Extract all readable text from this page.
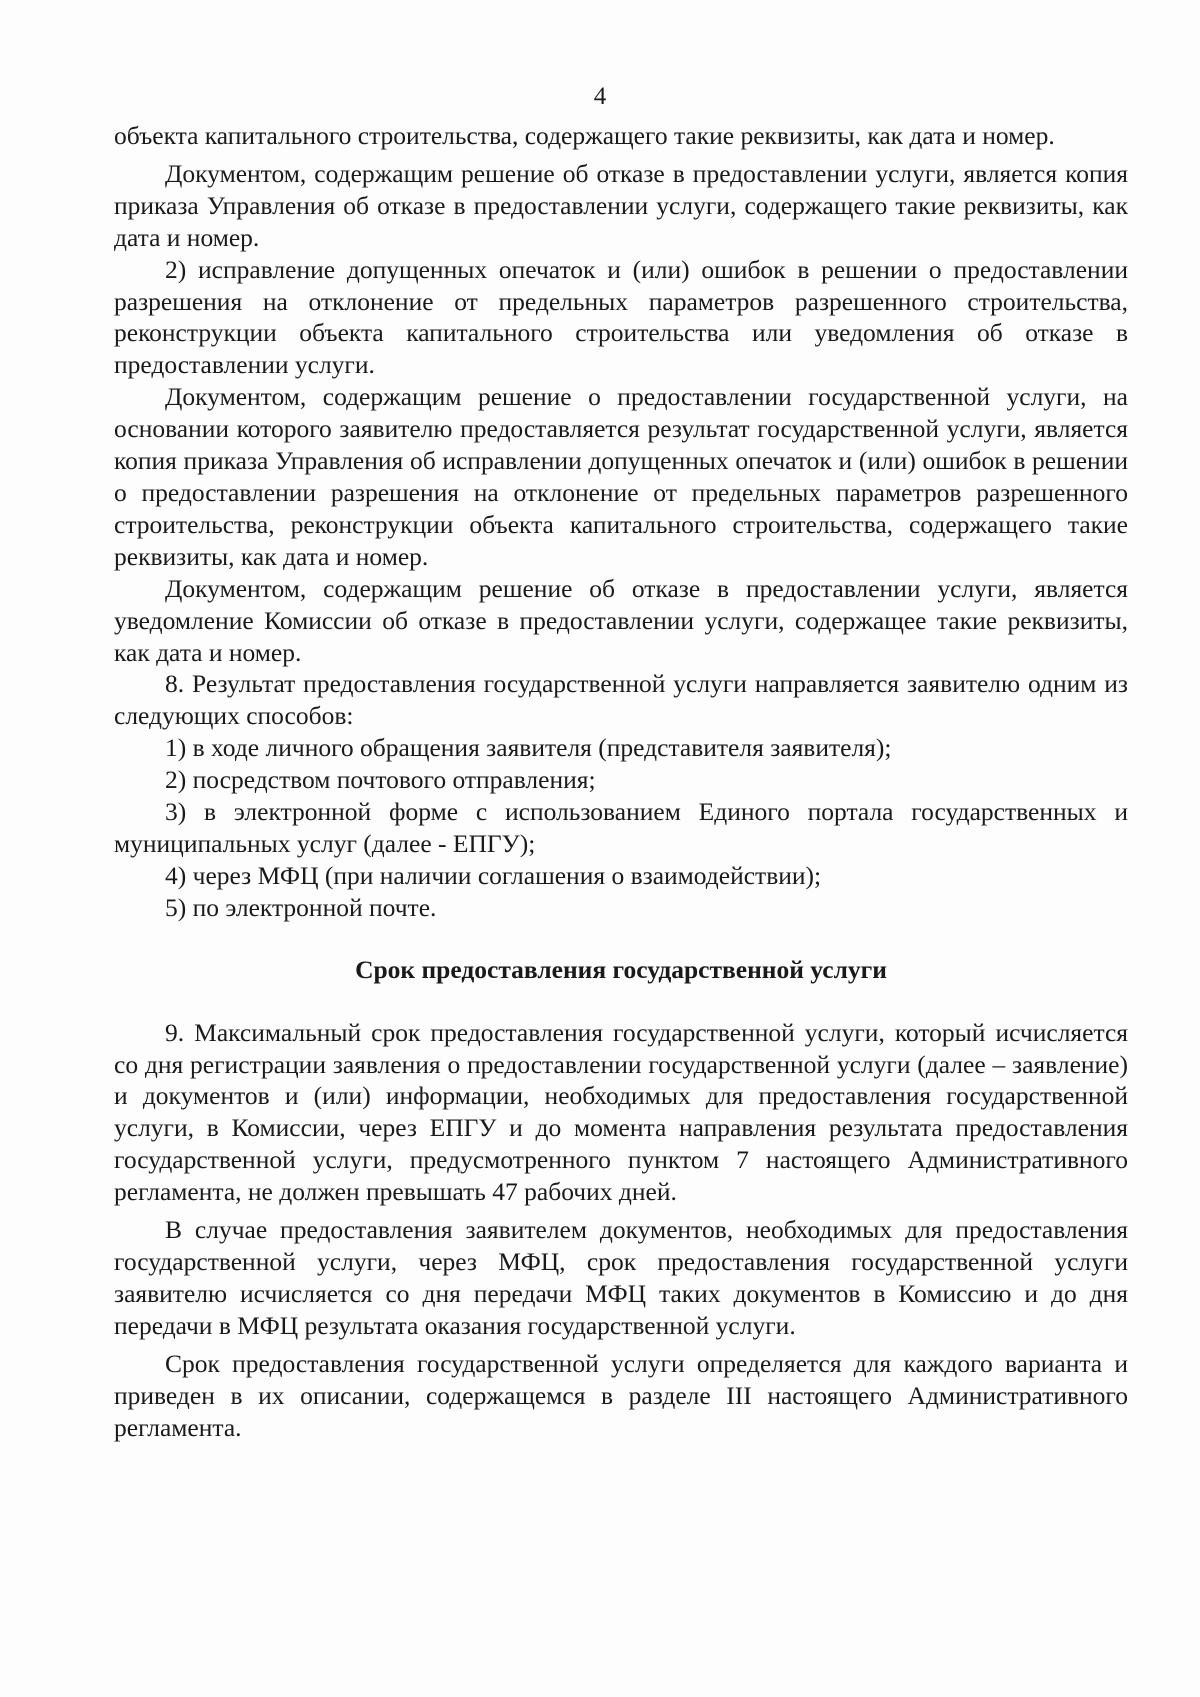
4

объекта капитального строительства, содержащего такие реквизиты, как дата и номер.

Документом, содержащим решение об отказе в предоставлении услуги, является копия приказа Управления об отказе в предоставлении услуги, содержащего такие реквизиты, как дата и номер.

2) исправление допущенных опечаток и (или) ошибок в решении о предоставлении разрешения на отклонение от предельных параметров разрешенного строительства, реконструкции объекта капитального строительства или уведомления об отказе в предоставлении услуги.

Документом, содержащим решение о предоставлении государственной услуги, на основании которого заявителю предоставляется результат государственной услуги, является копия приказа Управления об исправлении допущенных опечаток и (или) ошибок в решении о предоставлении разрешения на отклонение от предельных параметров разрешенного строительства, реконструкции объекта капитального строительства, содержащего такие реквизиты, как дата и номер.

Документом, содержащим решение об отказе в предоставлении услуги, является уведомление Комиссии об отказе в предоставлении услуги, содержащее такие реквизиты, как дата и номер.

8. Результат предоставления государственной услуги направляется заявителю одним из следующих способов:

1) в ходе личного обращения заявителя (представителя заявителя);

2) посредством почтового отправления;

3) в электронной форме с использованием Единого портала государственных и муниципальных услуг (далее - ЕПГУ);

4) через МФЦ (при наличии соглашения о взаимодействии);

5) по электронной почте.

Срок предоставления государственной услуги

9. Максимальный срок предоставления государственной услуги, который исчисляется со дня регистрации заявления о предоставлении государственной услуги (далее – заявление) и документов и (или) информации, необходимых для предоставления государственной услуги, в Комиссии, через ЕПГУ и до момента направления результата предоставления государственной услуги, предусмотренного пунктом 7 настоящего Административного регламента, не должен превышать 47 рабочих дней.

В случае предоставления заявителем документов, необходимых для предоставления государственной услуги, через МФЦ, срок предоставления государственной услуги заявителю исчисляется со дня передачи МФЦ таких документов в Комиссию и до дня передачи в МФЦ результата оказания государственной услуги.

Срок предоставления государственной услуги определяется для каждого варианта и приведен в их описании, содержащемся в разделе III настоящего Административного регламента.
